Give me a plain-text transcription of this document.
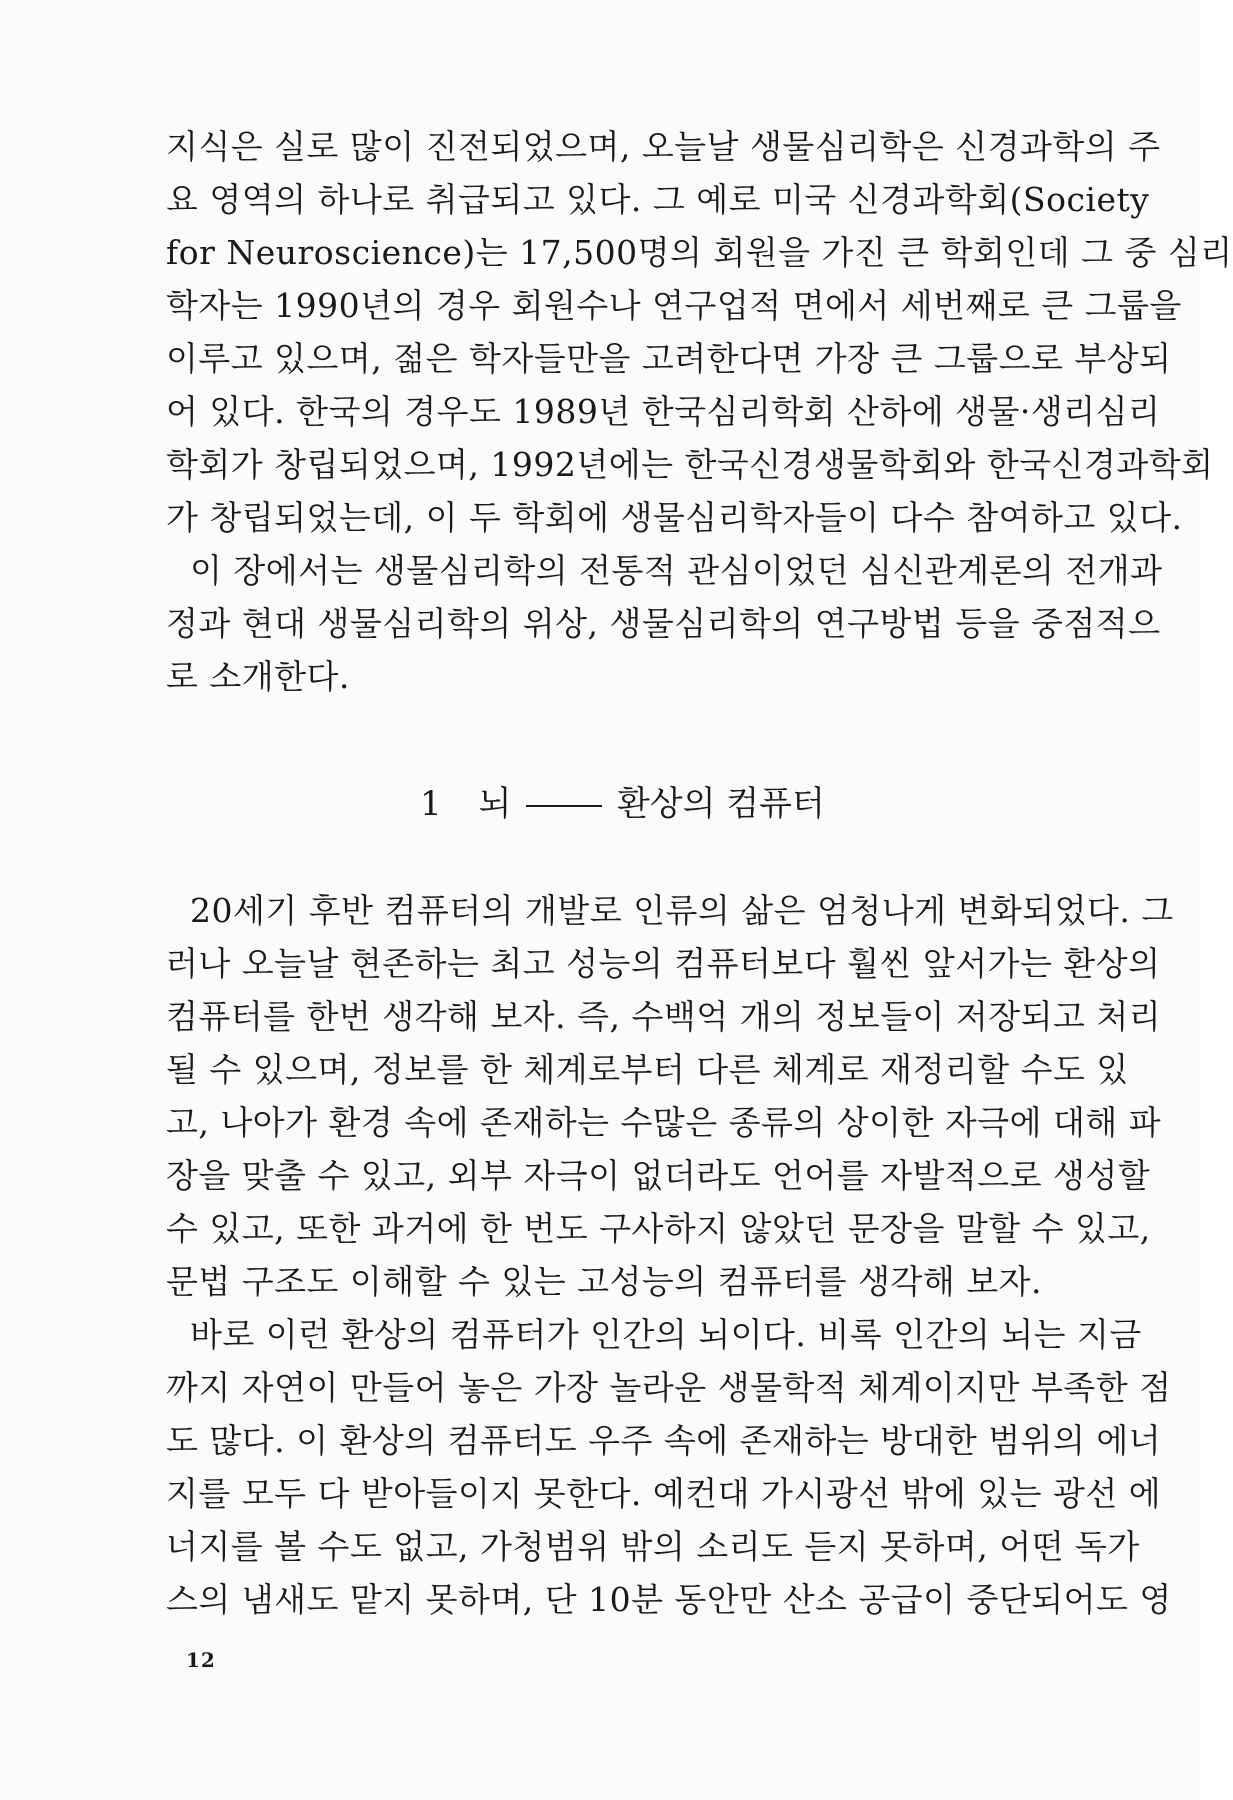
지식은 실로 많이 진전되었으며, 오늘날 생물심리학은 신경과학의 주
요 영역의 하나로 취급되고 있다. 그 예로 미국 신경과학회(Society
for Neuroscience)는 17,500명의 회원을 가진 큰 학회인데 그 중 심리
학자는 1990년의 경우 회원수나 연구업적 면에서 세번째로 큰 그룹을
이루고 있으며, 젊은 학자들만을 고려한다면 가장 큰 그룹으로 부상되
어 있다. 한국의 경우도 1989년 한국심리학회 산하에 생물·생리심리
학회가 창립되었으며, 1992년에는 한국신경생물학회와 한국신경과학회
가 창립되었는데, 이 두 학회에 생물심리학자들이 다수 참여하고 있다.
이 장에서는 생물심리학의 전통적 관심이었던 심신관계론의 전개과
정과 현대 생물심리학의 위상, 생물심리학의 연구방법 등을 중점적으
로 소개한다.
1 뇌	환상의 컴퓨터
20세기 후반 컴퓨터의 개발로 인류의 삶은 엄청나게 변화되었다. 그
러나 오늘날 현존하는 최고 성능의 컴퓨터보다 훨씬 앞서가는 환상의
컴퓨터를 한번 생각해 보자. 즉, 수백억 개의 정보들이 저장되고 처리
될 수 있으며, 정보를 한 체계로부터 다른 체계로 재정리할 수도 있
고, 나아가 환경 속에 존재하는 수많은 종류의 상이한 자극에 대해 파
장을 맞출 수 있고, 외부 자극이 없더라도 언어를 자발적으로 생성할
수 있고, 또한 과거에 한 번도 구사하지 않았던 문장을 말할 수 있고,
문법 구조도 이해할 수 있는 고성능의 컴퓨터를 생각해 보자.
바로 이런 환상의 컴퓨터가 인간의 뇌이다. 비록 인간의 뇌는 지금
까지 자연이 만들어 놓은 가장 놀라운 생물학적 체계이지만 부족한 점
도 많다. 이 환상의 컴퓨터도 우주 속에 존재하는 방대한 범위의 에너
지를 모두 다 받아들이지 못한다. 예컨대 가시광선 밖에 있는 광선 에
너지를 볼 수도 없고, 가청범위 밖의 소리도 듣지 못하며, 어떤 독가
스의 냄새도 맡지 못하며, 단 10분 동안만 산소 공급이 중단되어도 영
12
